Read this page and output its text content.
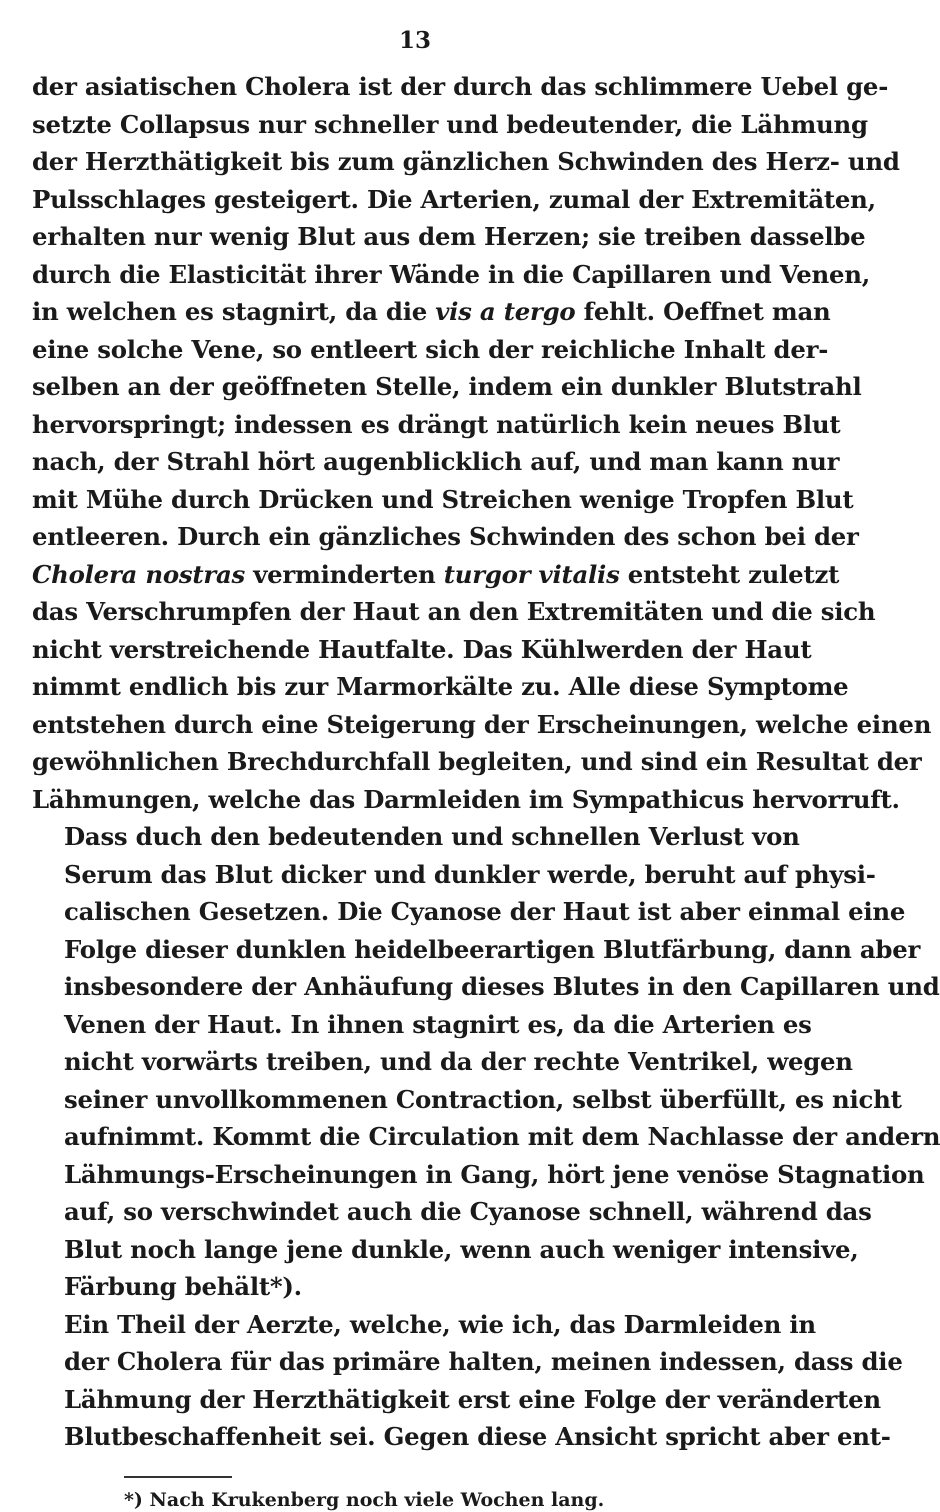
13

der asiatischen Cholera ist der durch das schlimmere Uebel ge-
setzte Collapsus nur schneller und bedeutender, die Lähmung
der Herzthätigkeit bis zum gänzlichen Schwinden des Herz- und
Pulsschlages gesteigert. Die Arterien, zumal der Extremitäten,
erhalten nur wenig Blut aus dem Herzen; sie treiben dasselbe
durch die Elasticität ihrer Wände in die Capillaren und Venen,
in welchen es stagnirt, da die vis a tergo fehlt. Oeffnet man
eine solche Vene, so entleert sich der reichliche Inhalt der-
selben an der geöffneten Stelle, indem ein dunkler Blutstrahl
hervorspringt; indessen es drängt natürlich kein neues Blut
nach, der Strahl hört augenblicklich auf, und man kann nur
mit Mühe durch Drücken und Streichen wenige Tropfen Blut
entleeren. Durch ein gänzliches Schwinden des schon bei der
Cholera nostras verminderten turgor vitalis entsteht zuletzt
das Verschrumpfen der Haut an den Extremitäten und die sich
nicht verstreichende Hautfalte. Das Kühlwerden der Haut
nimmt endlich bis zur Marmorkälte zu. Alle diese Symptome
entstehen durch eine Steigerung der Erscheinungen, welche einen
gewöhnlichen Brechdurchfall begleiten, und sind ein Resultat der
Lähmungen, welche das Darmleiden im Sympathicus hervorruft.

Dass duch den bedeutenden und schnellen Verlust von
Serum das Blut dicker und dunkler werde, beruht auf physi-
calischen Gesetzen. Die Cyanose der Haut ist aber einmal eine
Folge dieser dunklen heidelbeerartigen Blutfärbung, dann aber
insbesondere der Anhäufung dieses Blutes in den Capillaren und
Venen der Haut. In ihnen stagnirt es, da die Arterien es
nicht vorwärts treiben, und da der rechte Ventrikel, wegen
seiner unvollkommenen Contraction, selbst überfüllt, es nicht
aufnimmt. Kommt die Circulation mit dem Nachlasse der andern
Lähmungs-Erscheinungen in Gang, hört jene venöse Stagnation
auf, so verschwindet auch die Cyanose schnell, während das
Blut noch lange jene dunkle, wenn auch weniger intensive,
Färbung behält*).

Ein Theil der Aerzte, welche, wie ich, das Darmleiden in
der Cholera für das primäre halten, meinen indessen, dass die
Lähmung der Herzthätigkeit erst eine Folge der veränderten
Blutbeschaffenheit sei. Gegen diese Ansicht spricht aber ent-

*) Nach Krukenberg noch viele Wochen lang.
